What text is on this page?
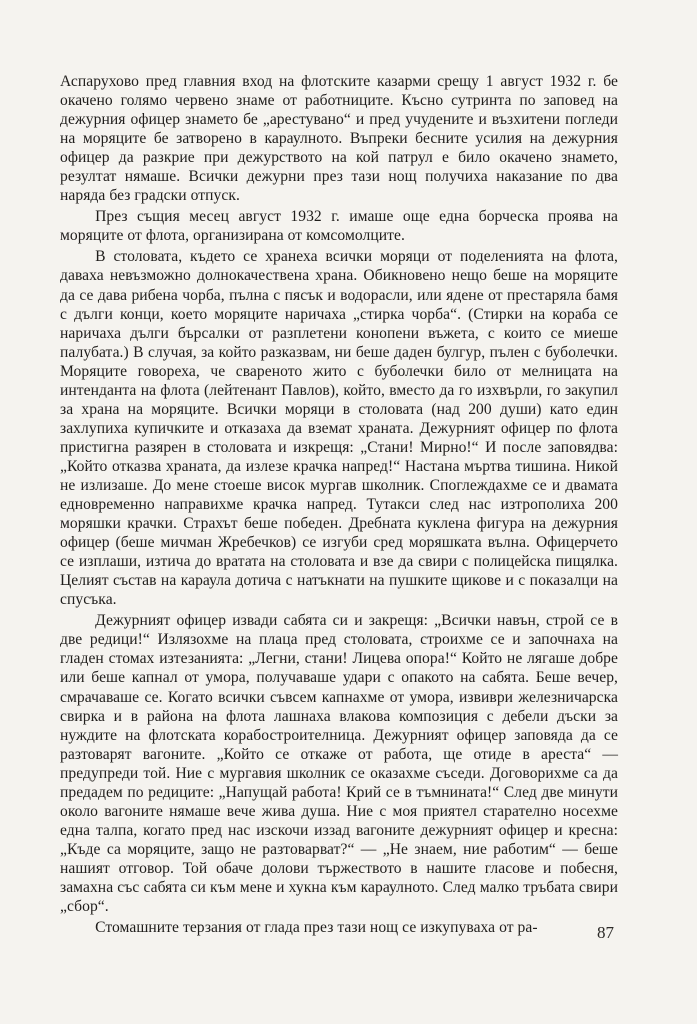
Аспарухово пред главния вход на флотските казарми срещу 1 август 1932 г. бе окачено голямо червено знаме от работниците. Късно сутринта по заповед на дежурния офицер знамето бе „арестувано“ и пред учудените и възхитени погледи на моряците бе затворено в караулното. Въпреки бесните усилия на дежурния офицер да разкрие при дежурството на кой патрул е било окачено знамето, резултат нямаше. Всички дежурни през тази нощ получиха наказание по два наряда без градски отпуск.

През същия месец август 1932 г. имаше още една борческа проява на моряците от флота, организирана от комсомолците.

В столовата, където се хранеха всички моряци от поделенията на флота, даваха невъзможно долнокачествена храна. Обикновено нещо беше на моряците да се дава рибена чорба, пълна с пясък и водорасли, или ядене от престаряла бамя с дълги конци, което моряците наричаха „стирка чорба“. (Стирки на кораба се наричаха дълги бърсалки от разплетени конопени въжета, с които се миеше палубата.) В случая, за който разказвам, ни беше даден булгур, пълен с буболечки. Моряците говореха, че свареното жито с буболечки било от мелницата на интенданта на флота (лейтенант Павлов), който, вместо да го изхвърли, го закупил за храна на моряците. Всички моряци в столовата (над 200 души) като един захлупиха купичките и отказаха да вземат храната. Дежурният офицер по флота пристигна разярен в столовата и изкрещя: „Стани! Мирно!“ И после заповядва: „Който отказва храната, да излезе крачка напред!“ Настана мъртва тишина. Никой не излизаше. До мене стоеше висок мургав школник. Споглеждахме се и двамата едновременно направихме крачка напред. Тутакси след нас изтрополиха 200 моряшки крачки. Страхът беше победен. Дребната куклена фигура на дежурния офицер (беше мичман Жребечков) се изгуби сред моряшката вълна. Офицерчето се изплаши, изтича до вратата на столовата и взе да свири с полицейска пищялка. Целият състав на караула дотича с натъкнати на пушките щикове и с показалци на спусъка.

Дежурният офицер извади сабята си и закрещя: „Всички навън, строй се в две редици!“ Излязохме на плаца пред столовата, строихме се и започнаха на гладен стомах изтезанията: „Легни, стани! Лицева опора!“ Който не лягаше добре или беше капнал от умора, получаваше удари с опакото на сабята. Беше вечер, смрачаваше се. Когато всички съвсем капнахме от умора, извиври железничарска свирка и в района на флота лашнаха влакова композиция с дебели дъски за нуждите на флотската корабостроителница. Дежурният офицер заповяда да се разтоварят вагоните. „Който се откаже от работа, ще отиде в ареста“ — предупреди той. Ние с мургавия школник се оказахме съседи. Договорихме са да предадем по редиците: „Напущай работа! Крий се в тъмнината!“ След две минути около вагоните нямаше вече жива душа. Ние с моя приятел старателно носехме една талпа, когато пред нас изскочи иззад вагоните дежурният офицер и кресна: „Къде са моряците, защо не разтоварват?“ — „Не знаем, ние работим“ — беше нашият отговор. Той обаче долови тържеството в нашите гласове и побесня, замахна със сабята си към мене и хукна към караулното. След малко тръбата свири „сбор“.

Стомашните терзания от глада през тази нощ се изкупуваха от ра-	87
